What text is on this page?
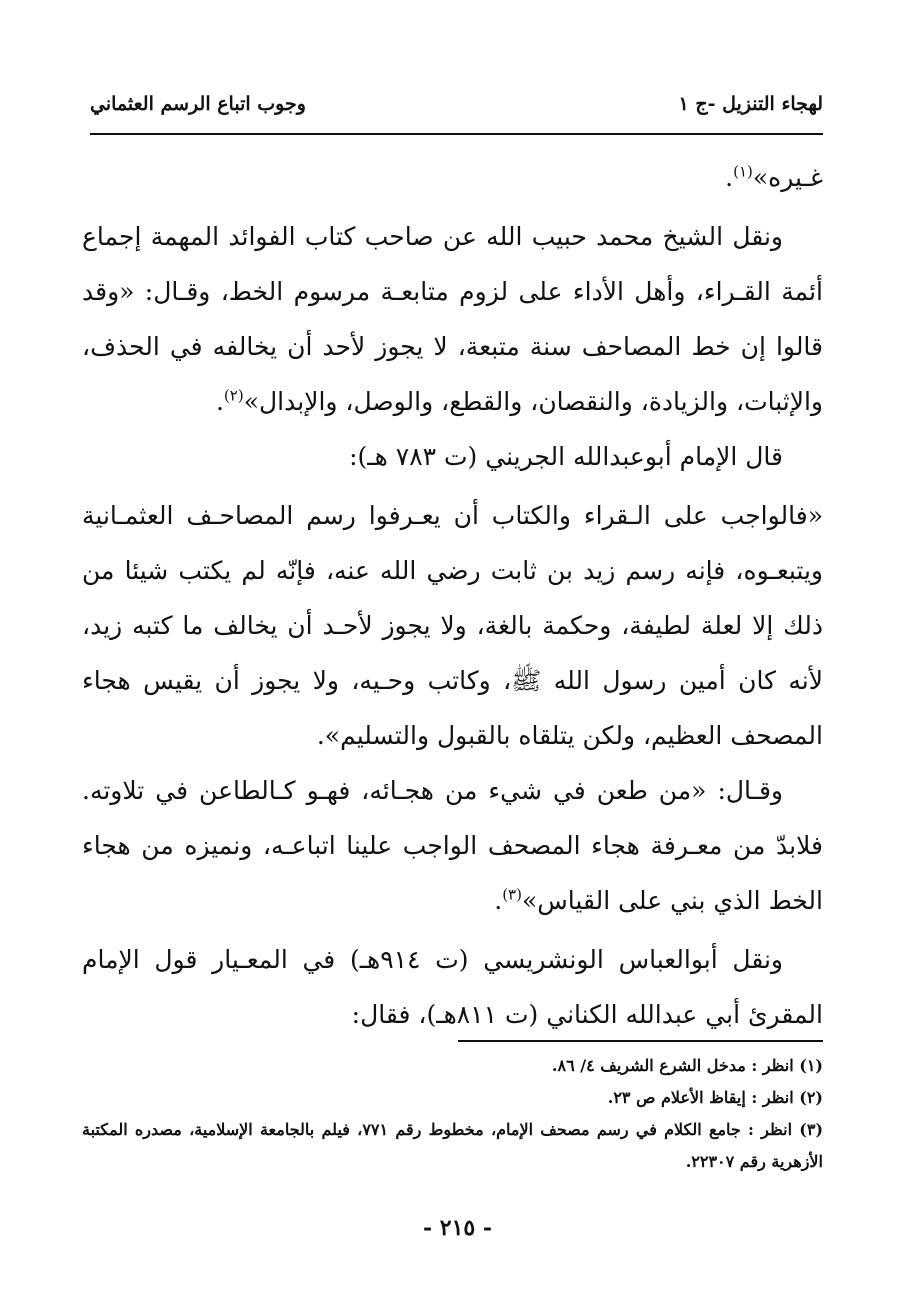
لهجاء التنزيل -ج ١
وجوب اتباع الرسم العثماني

غـيره»$^{(١)}$.

ونقل الشيخ محمد حبيب الله عن صاحب كتاب الفوائد المهمة إجماع أئمة القـراء، وأهل الأداء على لزوم متابعـة مرسوم الخط، وقـال: «وقد قالوا إن خط المصاحف سنة متبعة، لا يجوز لأحد أن يخالفه في الحذف، والإثبات، والزيادة، والنقصان، والقطع، والوصل، والإبدال»$^{(٢)}$.

قال الإمام أبوعبدالله الجريني (ت ٧٨٣ هـ):

«فالواجب على الـقراء والكتاب أن يعـرفوا رسم المصاحـف العثمـانية ويتبعـوه، فإنه رسم زيد بن ثابت رضي الله عنه، فإنّه لم يكتب شيئا من ذلك إلا لعلة لطيفة، وحكمة بالغة، ولا يجوز لأحـد أن يخالف ما كتبه زيد، لأنه كان أمين رسول الله ﷺ، وكاتب وحـيه، ولا يجوز أن يقيس هجاء المصحف العظيم، ولكن يتلقاه بالقبول والتسليم».

وقـال: «من طعن في شيء من هجـائه، فهـو كـالطاعن في تلاوته. فلابدّ من معـرفة هجاء المصحف الواجب علينا اتباعـه، ونميزه من هجاء الخط الذي بني على القياس»$^{(٣)}$.

ونقل أبوالعباس الونشريسي (ت ٩١٤هـ) في المعـيار قول الإمام المقرئ أبي عبدالله الكناني (ت ٨١١هـ)، فقال:

(١) انظر : مدخل الشرع الشريف ٤/ ٨٦.

(٢) انظر : إيقاظ الأعلام ص ٢٣.

(٣) انظر : جامع الكلام في رسم مصحف الإمام، مخطوط رقم ٧٧١، فيلم بالجامعة الإسلامية، مصدره المكتبة الأزهرية رقم ٢٢٣٠٧.

- ٢١٥ -
